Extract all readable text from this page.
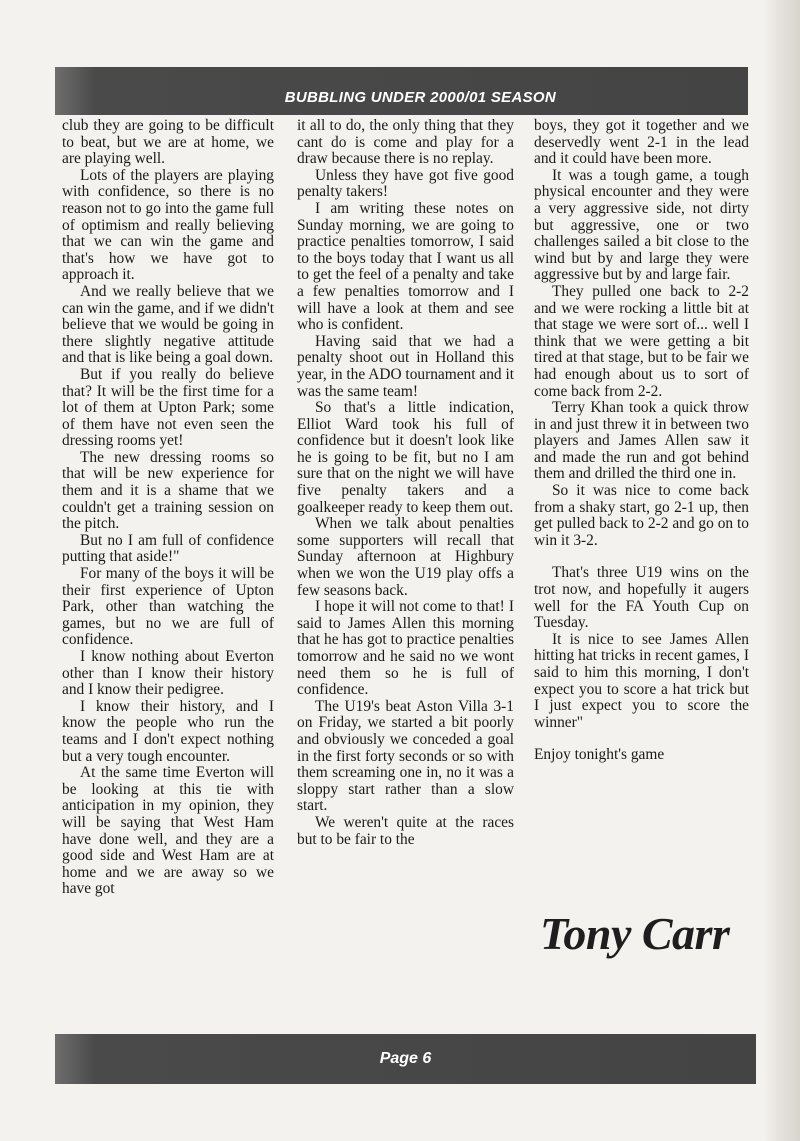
BUBBLING UNDER 2000/01 SEASON

club they are going to be difficult to beat, but we are at home, we are playing well.

Lots of the players are playing with confidence, so there is no reason not to go into the game full of optimism and really believing that we can win the game and that's how we have got to approach it.

And we really believe that we can win the game, and if we didn't believe that we would be going in there slightly negative attitude and that is like being a goal down.

But if you really do believe that? It will be the first time for a lot of them at Upton Park; some of them have not even seen the dressing rooms yet!

The new dressing rooms so that will be new experience for them and it is a shame that we couldn't get a training session on the pitch.

But no I am full of confidence putting that aside!"

For many of the boys it will be their first experience of Upton Park, other than watching the games, but no we are full of confidence.

I know nothing about Everton other than I know their history and I know their pedigree.

I know their history, and I know the people who run the teams and I don't expect nothing but a very tough encounter.

At the same time Everton will be looking at this tie with anticipation in my opinion, they will be saying that West Ham have done well, and they are a good side and West Ham are at home and we are away so we have got

it all to do, the only thing that they cant do is come and play for a draw because there is no replay.

Unless they have got five good penalty takers!

I am writing these notes on Sunday morning, we are going to practice penalties tomorrow, I said to the boys today that I want us all to get the feel of a penalty and take a few penalties tomorrow and I will have a look at them and see who is confident.

Having said that we had a penalty shoot out in Holland this year, in the ADO tournament and it was the same team!

So that's a little indication, Elliot Ward took his full of confidence but it doesn't look like he is going to be fit, but no I am sure that on the night we will have five penalty takers and a goalkeeper ready to keep them out.

When we talk about penalties some supporters will recall that Sunday afternoon at Highbury when we won the U19 play offs a few seasons back.

I hope it will not come to that! I said to James Allen this morning that he has got to practice penalties tomorrow and he said no we wont need them so he is full of confidence.

The U19's beat Aston Villa 3-1 on Friday, we started a bit poorly and obviously we conceded a goal in the first forty seconds or so with them screaming one in, no it was a sloppy start rather than a slow start.

We weren't quite at the races but to be fair to the

boys, they got it together and we deservedly went 2-1 in the lead and it could have been more.

It was a tough game, a tough physical encounter and they were a very aggressive side, not dirty but aggressive, one or two challenges sailed a bit close to the wind but by and large they were aggressive but by and large fair.

They pulled one back to 2-2 and we were rocking a little bit at that stage we were sort of... well I think that we were getting a bit tired at that stage, but to be fair we had enough about us to sort of come back from 2-2.

Terry Khan took a quick throw in and just threw it in between two players and James Allen saw it and made the run and got behind them and drilled the third one in.

So it was nice to come back from a shaky start, go 2-1 up, then get pulled back to 2-2 and go on to win it 3-2.

That's three U19 wins on the trot now, and hopefully it augers well for the FA Youth Cup on Tuesday.

It is nice to see James Allen hitting hat tricks in recent games, I said to him this morning, I don't expect you to score a hat trick but I just expect you to score the winner"

Enjoy tonight's game

Tony Carr
Page 6
